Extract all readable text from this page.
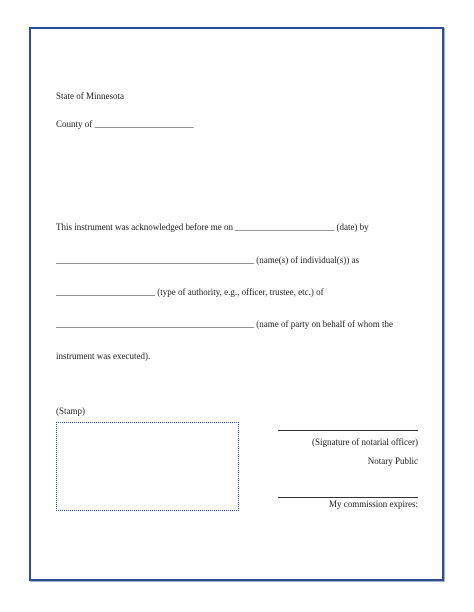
State of Minnesota
County of ______________________
This instrument was acknowledged before me on ______________________ (date) by
____________________________________________ (name(s) of individual(s)) as
______________________ (type of authority, e.g., officer, trustee, etc.) of
____________________________________________ (name of party on behalf of whom the
instrument was executed).
(Stamp)
(Signature of notarial officer)
Notary Public
My commission expires:
